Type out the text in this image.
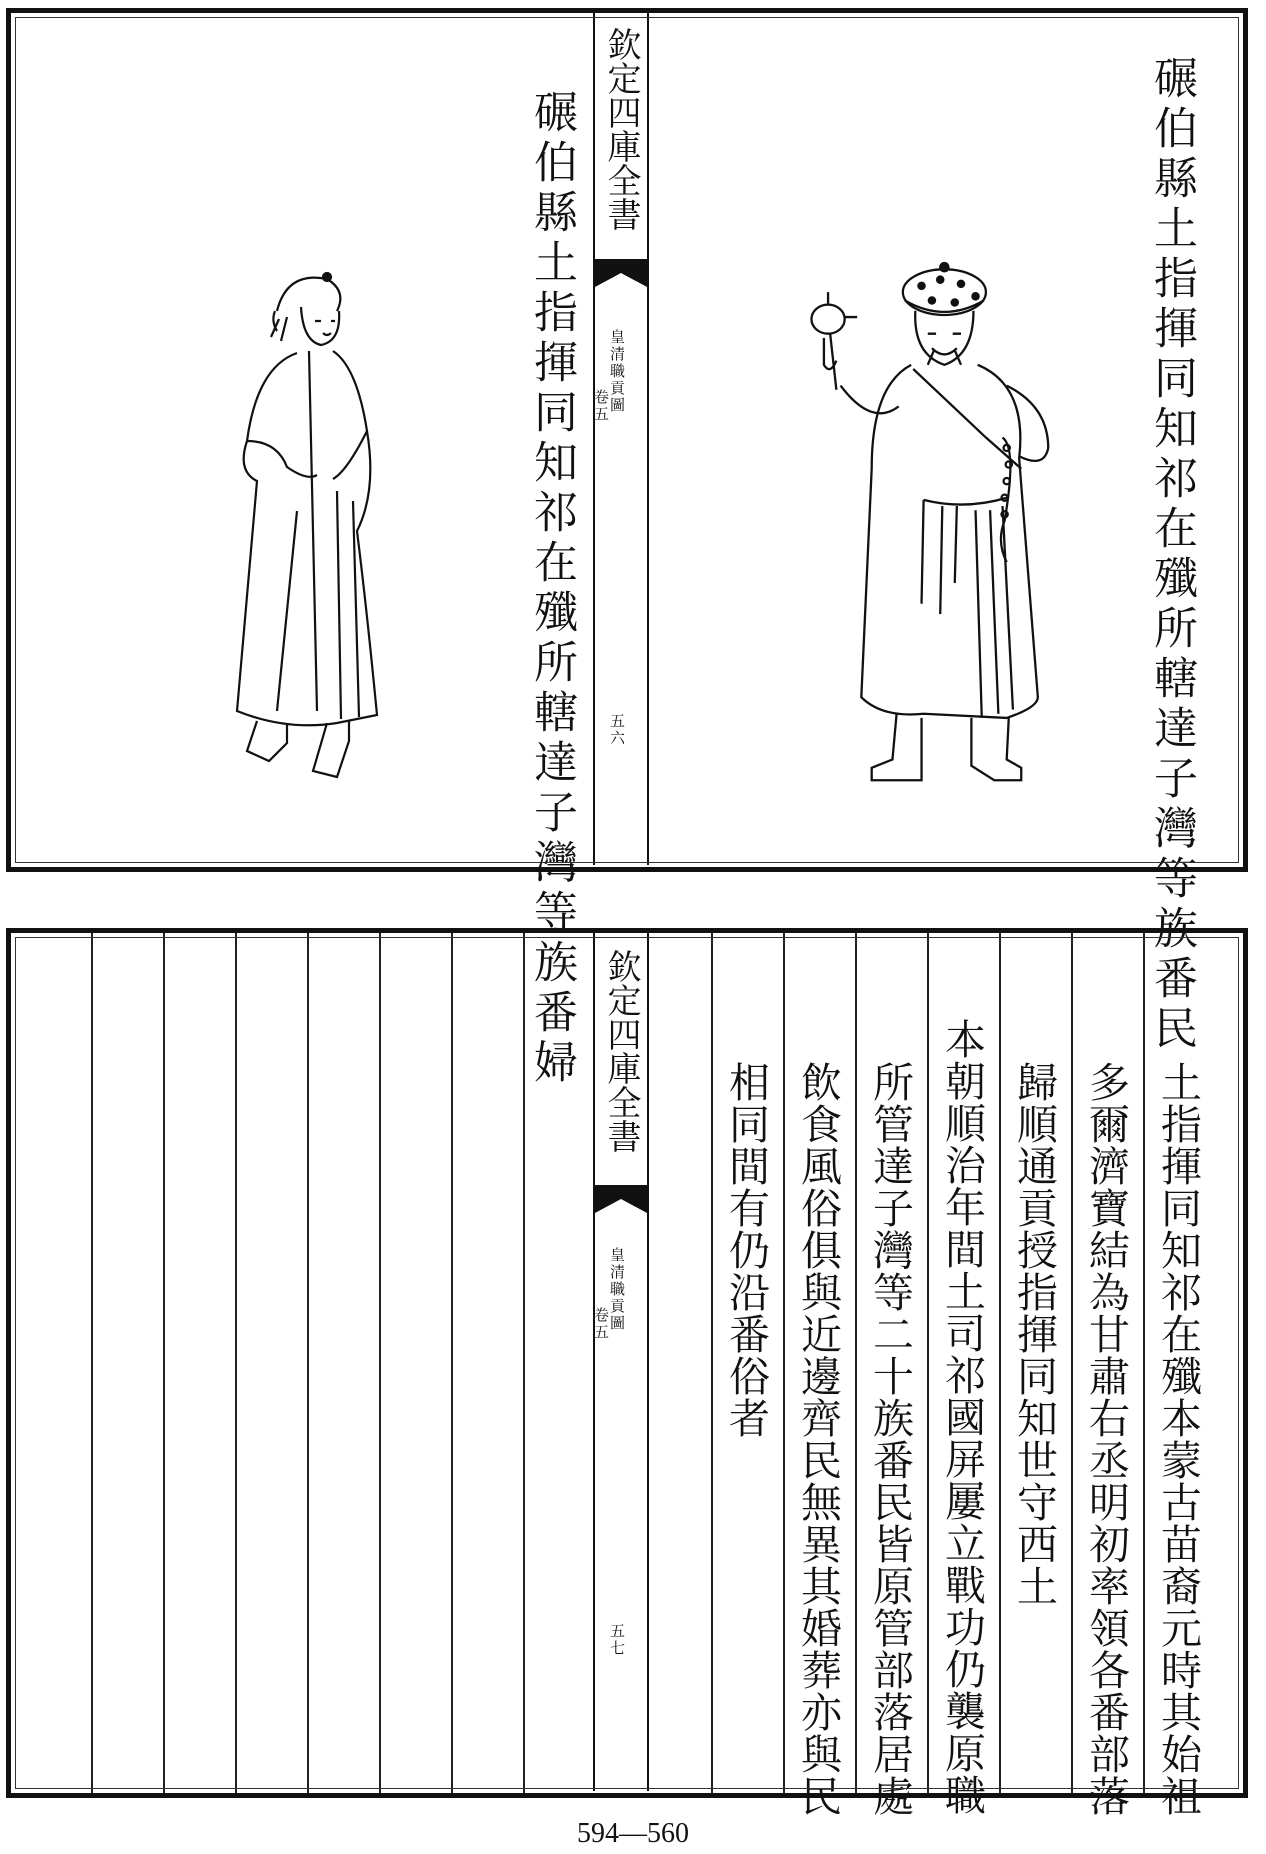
碾伯縣土指揮同知祁在殲所轄達子灣等族番民
碾伯縣土指揮同知祁在殲所轄達子灣等族番婦 欽定四庫全書
皇清職貢圖
卷五
五六
欽定四庫全書
皇清職貢圖
卷五
五七	土指揮同知祁在殲本蒙古苗裔元時其始祖
多爾濟寶結為甘肅右丞明初率領各番部落
歸順通貢授指揮同知世守西土
本朝順治年間土司祁國屏屢立戰功仍襲原職
所管達子灣等二十族番民皆原管部落居處
飲食風俗俱與近邊齊民無異其婚葬亦與民
相同間有仍沿番俗者
594—560
